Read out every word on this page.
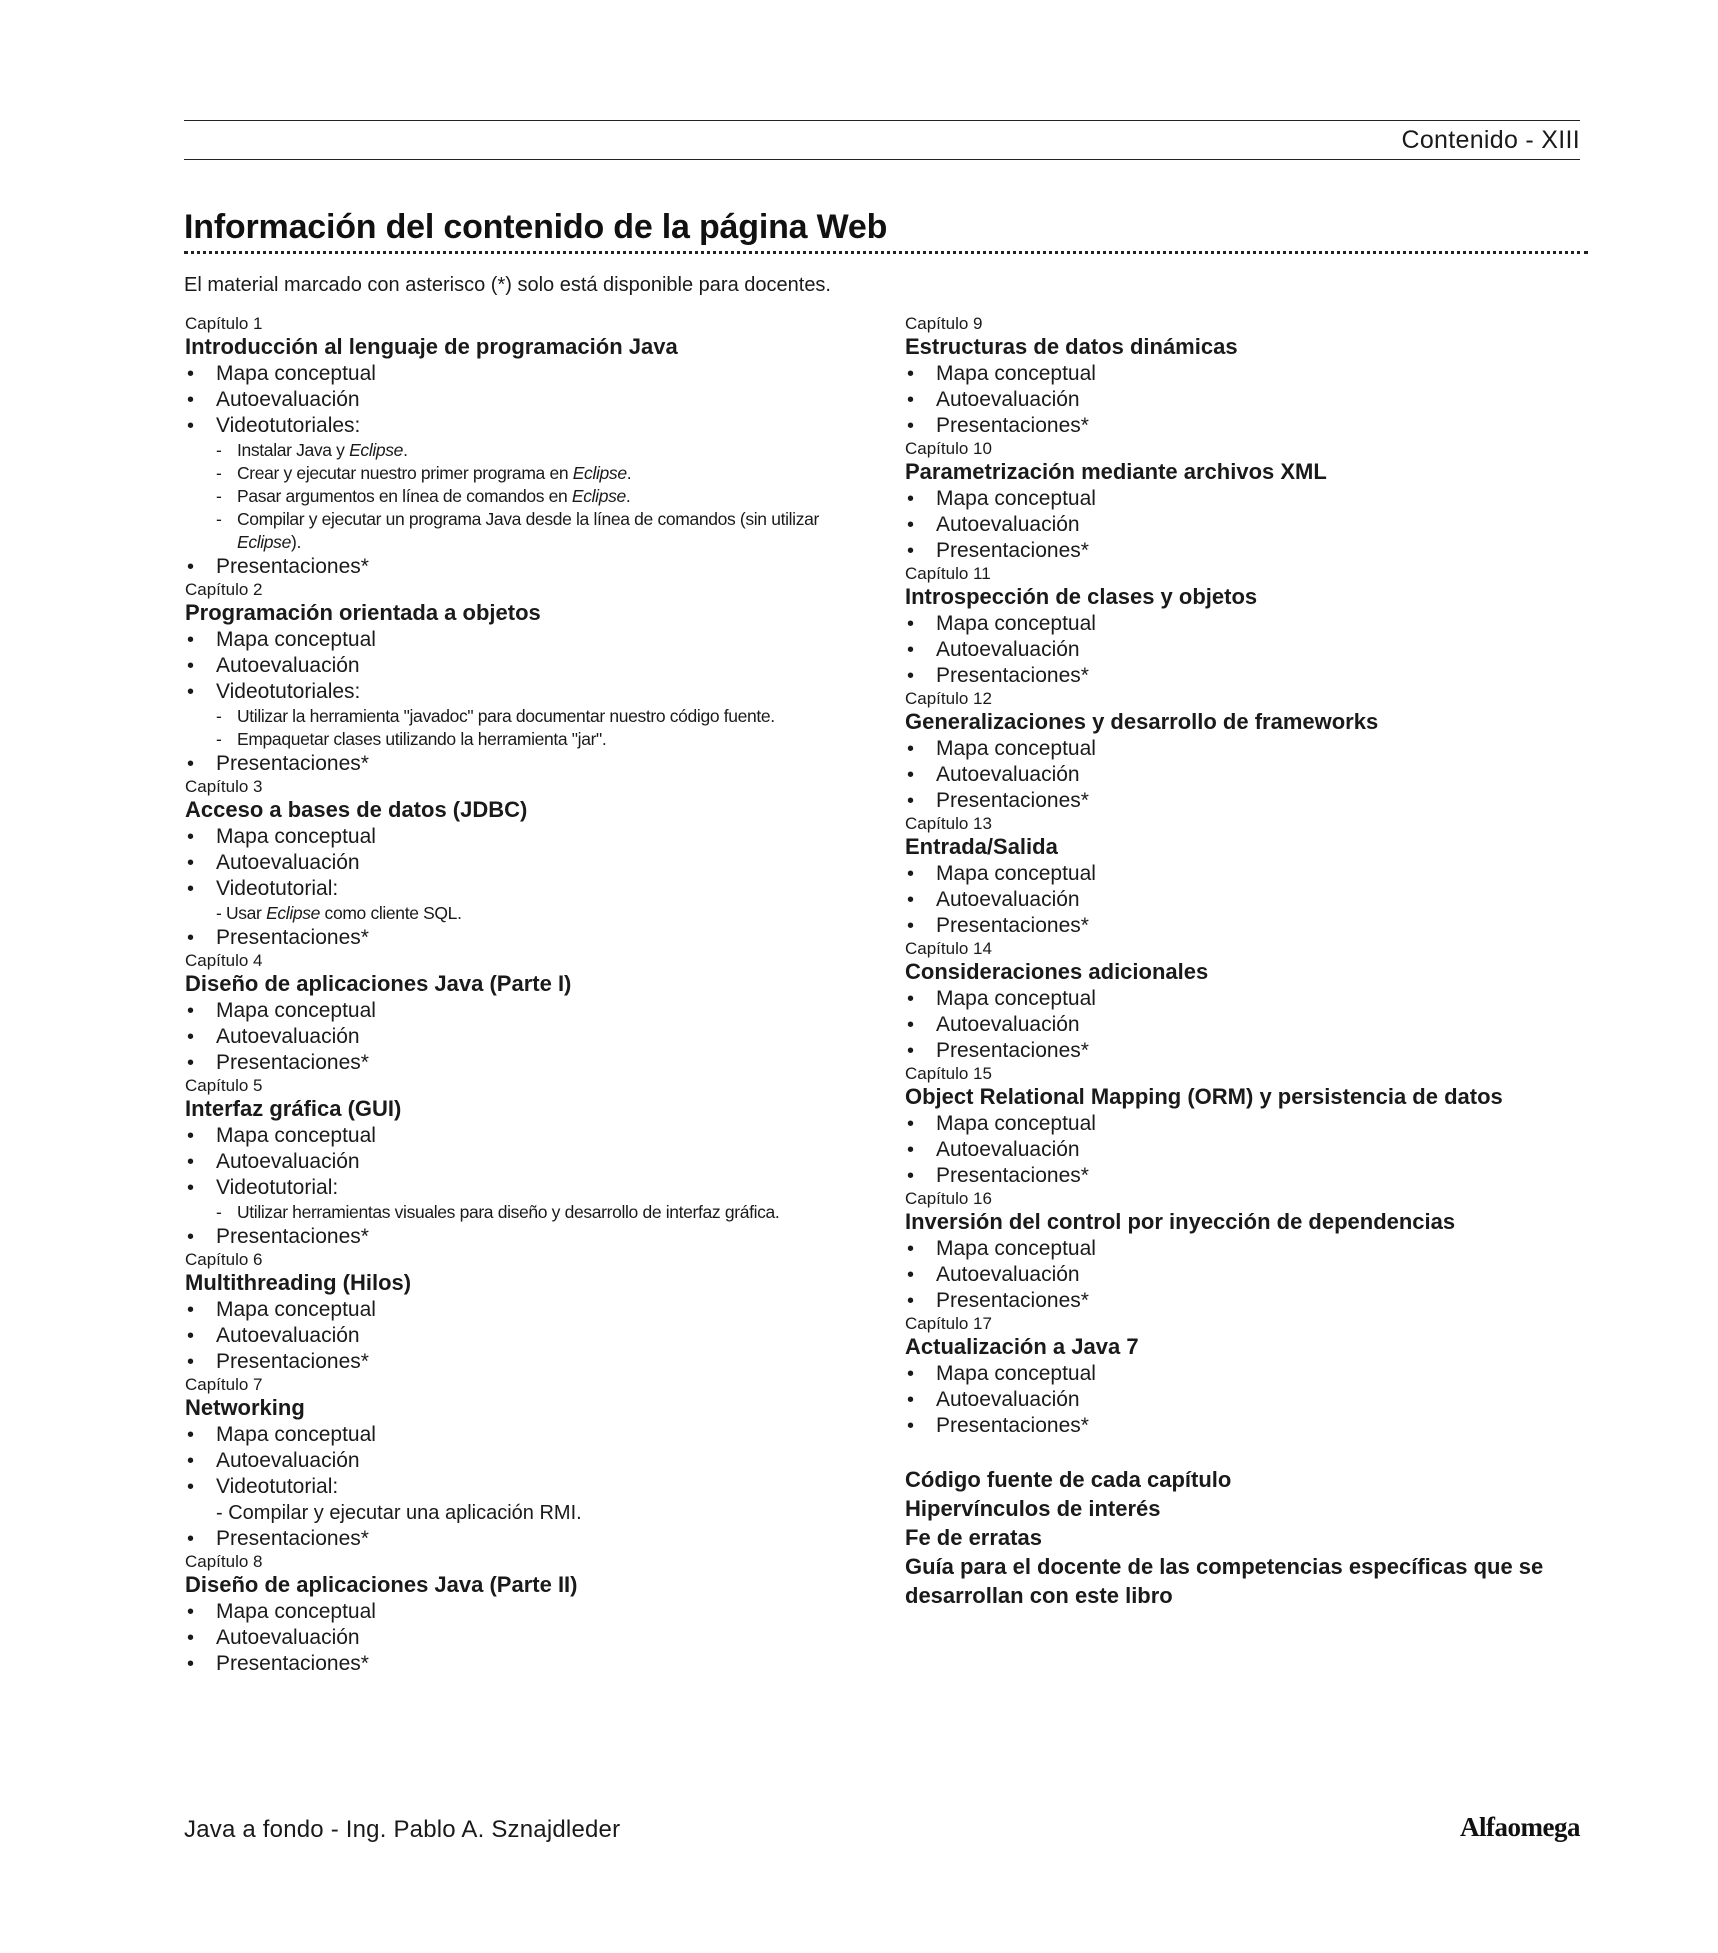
Contenido - XIII
Información del contenido de la página Web

El material marcado con asterisco (*) solo está disponible para docentes.

Capítulo 1
Introducción al lenguaje de programación Java
• Mapa conceptual
• Autoevaluación
• Videotutoriales:
- Instalar Java y Eclipse.
- Crear y ejecutar nuestro primer programa en Eclipse.
- Pasar argumentos en línea de comandos en Eclipse.
- Compilar y ejecutar un programa Java desde la línea de comandos (sin utilizar Eclipse).
• Presentaciones*
Capítulo 2
Programación orientada a objetos
• Mapa conceptual
• Autoevaluación
• Videotutoriales:
- Utilizar la herramienta "javadoc" para documentar nuestro código fuente.
- Empaquetar clases utilizando la herramienta "jar".
• Presentaciones*
Capítulo 3
Acceso a bases de datos (JDBC)
• Mapa conceptual
• Autoevaluación
• Videotutorial:
- Usar Eclipse como cliente SQL.
• Presentaciones*
Capítulo 4
Diseño de aplicaciones Java (Parte I)
• Mapa conceptual
• Autoevaluación
• Presentaciones*
Capítulo 5
Interfaz gráfica (GUI)
• Mapa conceptual
• Autoevaluación
• Videotutorial:
- Utilizar herramientas visuales para diseño y desarrollo de interfaz gráfica.
• Presentaciones*
Capítulo 6
Multithreading (Hilos)
• Mapa conceptual
• Autoevaluación
• Presentaciones*
Capítulo 7
Networking
• Mapa conceptual
• Autoevaluación
• Videotutorial:
- Compilar y ejecutar una aplicación RMI.
• Presentaciones*
Capítulo 8
Diseño de aplicaciones Java (Parte II)
• Mapa conceptual
• Autoevaluación
• Presentaciones*
Capítulo 9
Estructuras de datos dinámicas
• Mapa conceptual
• Autoevaluación
• Presentaciones*
Capítulo 10
Parametrización mediante archivos XML
• Mapa conceptual
• Autoevaluación
• Presentaciones*
Capítulo 11
Introspección de clases y objetos
• Mapa conceptual
• Autoevaluación
• Presentaciones*
Capítulo 12
Generalizaciones y desarrollo de frameworks
• Mapa conceptual
• Autoevaluación
• Presentaciones*
Capítulo 13
Entrada/Salida
• Mapa conceptual
• Autoevaluación
• Presentaciones*
Capítulo 14
Consideraciones adicionales
• Mapa conceptual
• Autoevaluación
• Presentaciones*
Capítulo 15
Object Relational Mapping (ORM) y persistencia de datos
• Mapa conceptual
• Autoevaluación
• Presentaciones*
Capítulo 16
Inversión del control por inyección de dependencias
• Mapa conceptual
• Autoevaluación
• Presentaciones*
Capítulo 17
Actualización a Java 7
• Mapa conceptual
• Autoevaluación
• Presentaciones*
Código fuente de cada capítulo
Hipervínculos de interés
Fe de erratas
Guía para el docente de las competencias específicas que se desarrollan con este libro
Java a fondo - Ing. Pablo A. Sznajdleder	Alfaomega
